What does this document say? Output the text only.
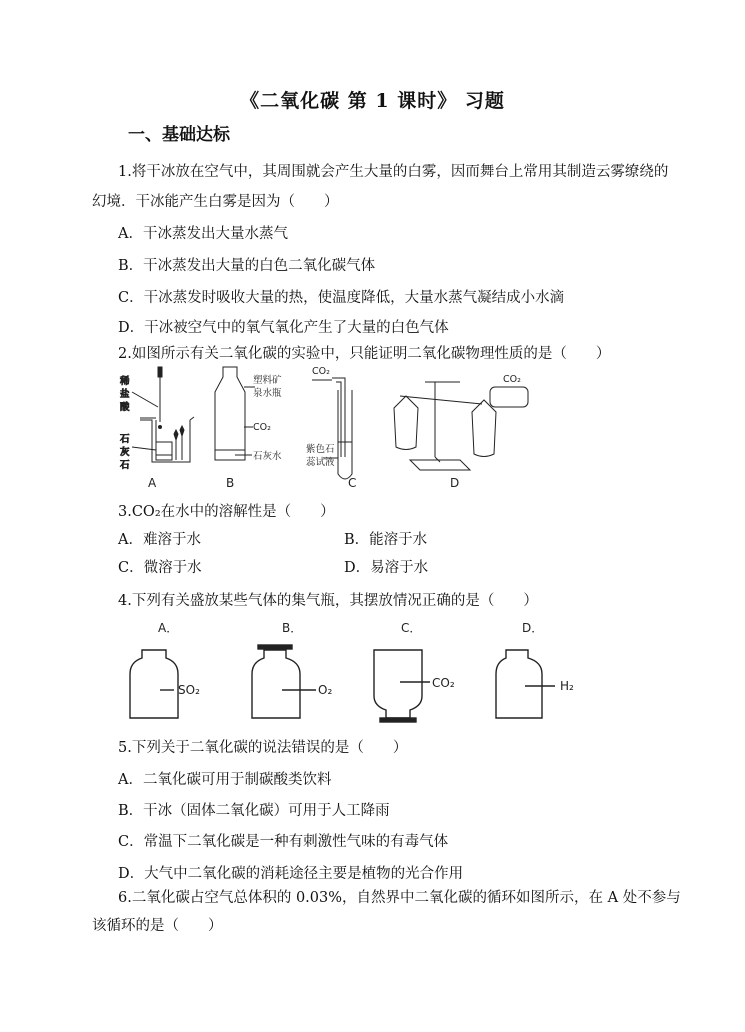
《二氧化碳 第 1 课时》 习题
一、基础达标
1.将干冰放在空气中，其周围就会产生大量的白雾，因而舞台上常用其制造云雾缭绕的
幻境．干冰能产生白雾是因为（　　）
A．干冰蒸发出大量水蒸气
B．干冰蒸发出大量的白色二氧化碳气体
C．干冰蒸发时吸收大量的热，使温度降低，大量水蒸气凝结成小水滴
D．干冰被空气中的氧气氧化产生了大量的白色气体
2.如图所示有关二氧化碳的实验中，只能证明二氧化碳物理性质的是（　　）
稀
盐
酸
石
灰
石
A
塑料矿
泉水瓶
CO₂
石灰水
B
CO₂
紫色石
蕊试液
C
CO₂
D
3.CO₂在水中的溶解性是（　　）
A．难溶于水	B．能溶于水
C．微溶于水	D．易溶于水
4.下列有关盛放某些气体的集气瓶，其摆放情况正确的是（　　）
A．
SO₂
B．
O₂
C．
CO₂
D．
H₂
5.下列关于二氧化碳的说法错误的是（　　）
A．二氧化碳可用于制碳酸类饮料
B．干冰（固体二氧化碳）可用于人工降雨
C．常温下二氧化碳是一种有刺激性气味的有毒气体
D．大气中二氧化碳的消耗途径主要是植物的光合作用
6.二氧化碳占空气总体积的 0.03%，自然界中二氧化碳的循环如图所示，在 A 处不参与
该循环的是（　　）
